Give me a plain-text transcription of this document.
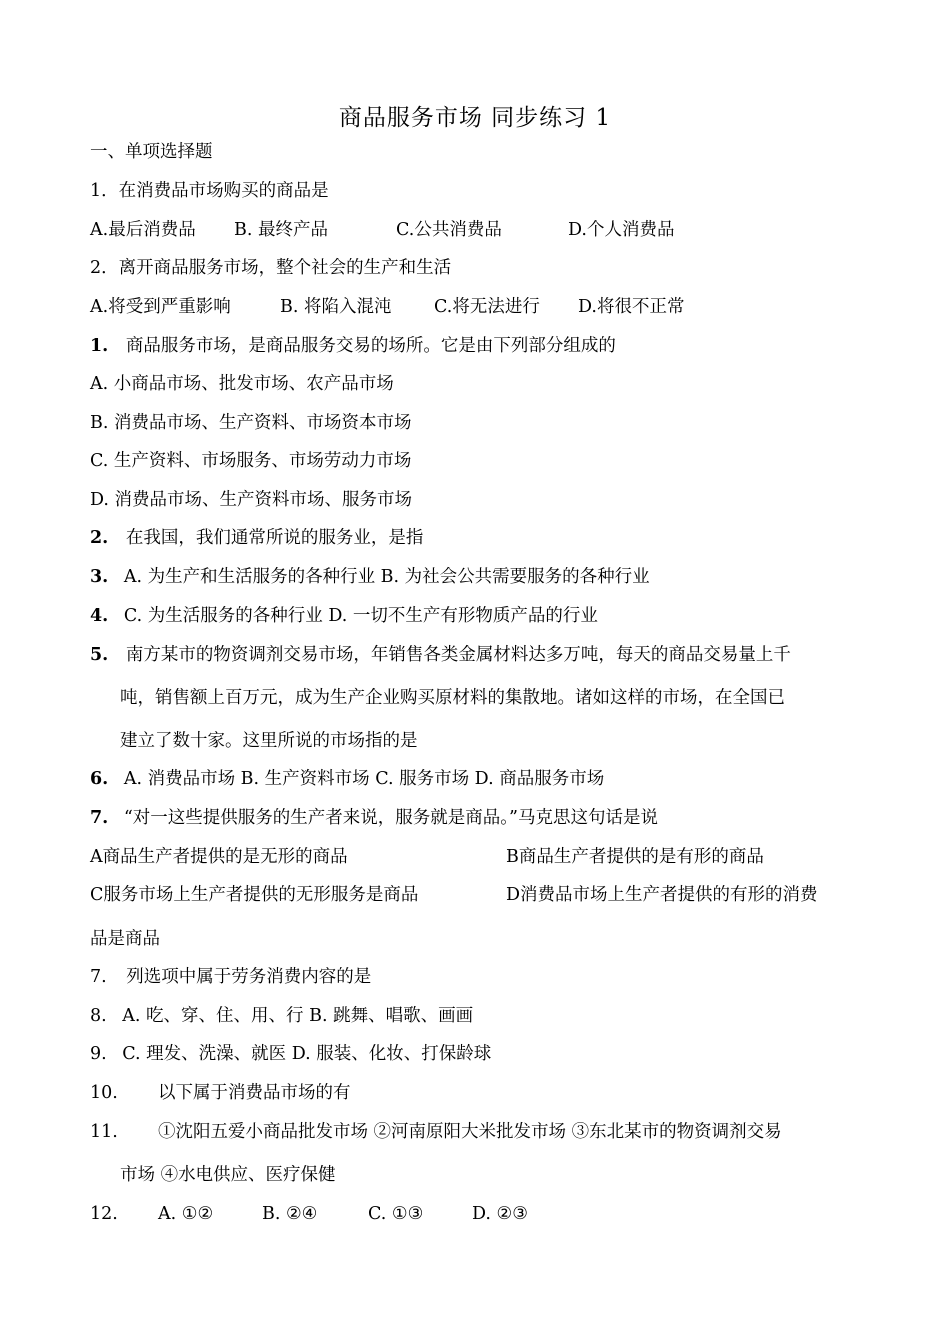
商品服务市场 同步练习 1
一、单项选择题
1．在消费品市场购买的商品是
A.最后消费品 B. 最终产品	C.公共消费品	D.个人消费品
2．离开商品服务市场，整个社会的生产和生活
A.将受到严重影响	B. 将陷入混沌 C.将无法进行 D.将很不正常
1. 商品服务市场，是商品服务交易的场所。它是由下列部分组成的
A. 小商品市场、批发市场、农产品市场
B. 消费品市场、生产资料、市场资本市场
C. 生产资料、市场服务、市场劳动力市场
D. 消费品市场、生产资料市场、服务市场
2. 在我国，我们通常所说的服务业，是指
3. A. 为生产和生活服务的各种行业 B. 为社会公共需要服务的各种行业
4. C. 为生活服务的各种行业 D. 一切不生产有形物质产品的行业
5. 南方某市的物资调剂交易市场，年销售各类金属材料达多万吨，每天的商品交易量上千
吨，销售额上百万元，成为生产企业购买原材料的集散地。诸如这样的市场，在全国已
建立了数十家。这里所说的市场指的是
6. A. 消费品市场 B. 生产资料市场 C. 服务市场 D. 商品服务市场
7. “对一这些提供服务的生产者来说，服务就是商品。”马克思这句话是说
A商品生产者提供的是无形的商品	B商品生产者提供的是有形的商品
C服务市场上生产者提供的无形服务是商品	D消费品市场上生产者提供的有形的消费
品是商品
7. 列选项中属于劳务消费内容的是
8. A. 吃、穿、住、用、行 B. 跳舞、唱歌、画画
9. C. 理发、洗澡、就医 D. 服装、化妆、打保龄球
10. 以下属于消费品市场的有
11. ①沈阳五爱小商品批发市场 ②河南原阳大米批发市场 ③东北某市的物资调剂交易
市场 ④水电供应、医疗保健
12. A. ①②	B. ②④	C. ①③	D. ②③
